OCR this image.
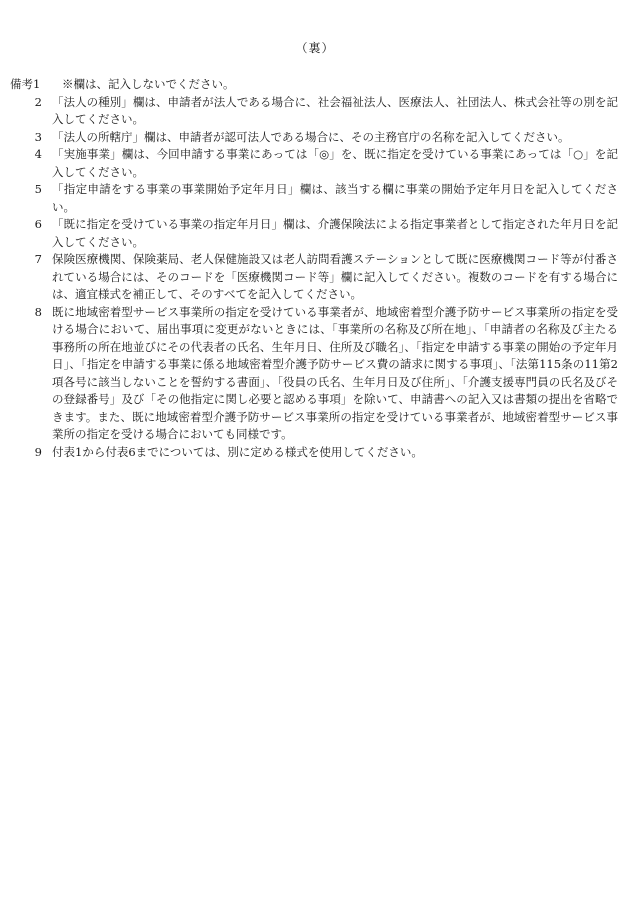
（裏）
備考1	※欄は、記入しないでください。
2 「法人の種別」欄は、申請者が法人である場合に、社会福祉法人、医療法人、社団法人、株式会社等の別を記入してください。
3 「法人の所轄庁」欄は、申請者が認可法人である場合に、その主務官庁の名称を記入してください。
4 「実施事業」欄は、今回申請する事業にあっては「◎」を、既に指定を受けている事業にあっては「○」を記入してください。
5 「指定申請をする事業の事業開始予定年月日」欄は、該当する欄に事業の開始予定年月日を記入してください。
6 「既に指定を受けている事業の指定年月日」欄は、介護保険法による指定事業者として指定された年月日を記入してください。
7 保険医療機関、保険薬局、老人保健施設又は老人訪問看護ステーションとして既に医療機関コード等が付番されている場合には、そのコードを「医療機関コード等」欄に記入してください。複数のコードを有する場合には、適宜様式を補正して、そのすべてを記入してください。
8 既に地域密着型サービス事業所の指定を受けている事業者が、地域密着型介護予防サービス事業所の指定を受ける場合において、届出事項に変更がないときには、「事業所の名称及び所在地」、「申請者の名称及び主たる事務所の所在地並びにその代表者の氏名、生年月日、住所及び職名」、「指定を申請する事業の開始の予定年月日」、「指定を申請する事業に係る地域密着型介護予防サービス費の請求に関する事項」、「法第115条の11第2項各号に該当しないことを誓約する書面」、「役員の氏名、生年月日及び住所」、「介護支援専門員の氏名及びその登録番号」及び「その他指定に関し必要と認める事項」を除いて、申請書への記入又は書類の提出を省略できます。また、既に地域密着型介護予防サービス事業所の指定を受けている事業者が、地域密着型サービス事業所の指定を受ける場合においても同様です。
9 付表1から付表6までについては、別に定める様式を使用してください。
